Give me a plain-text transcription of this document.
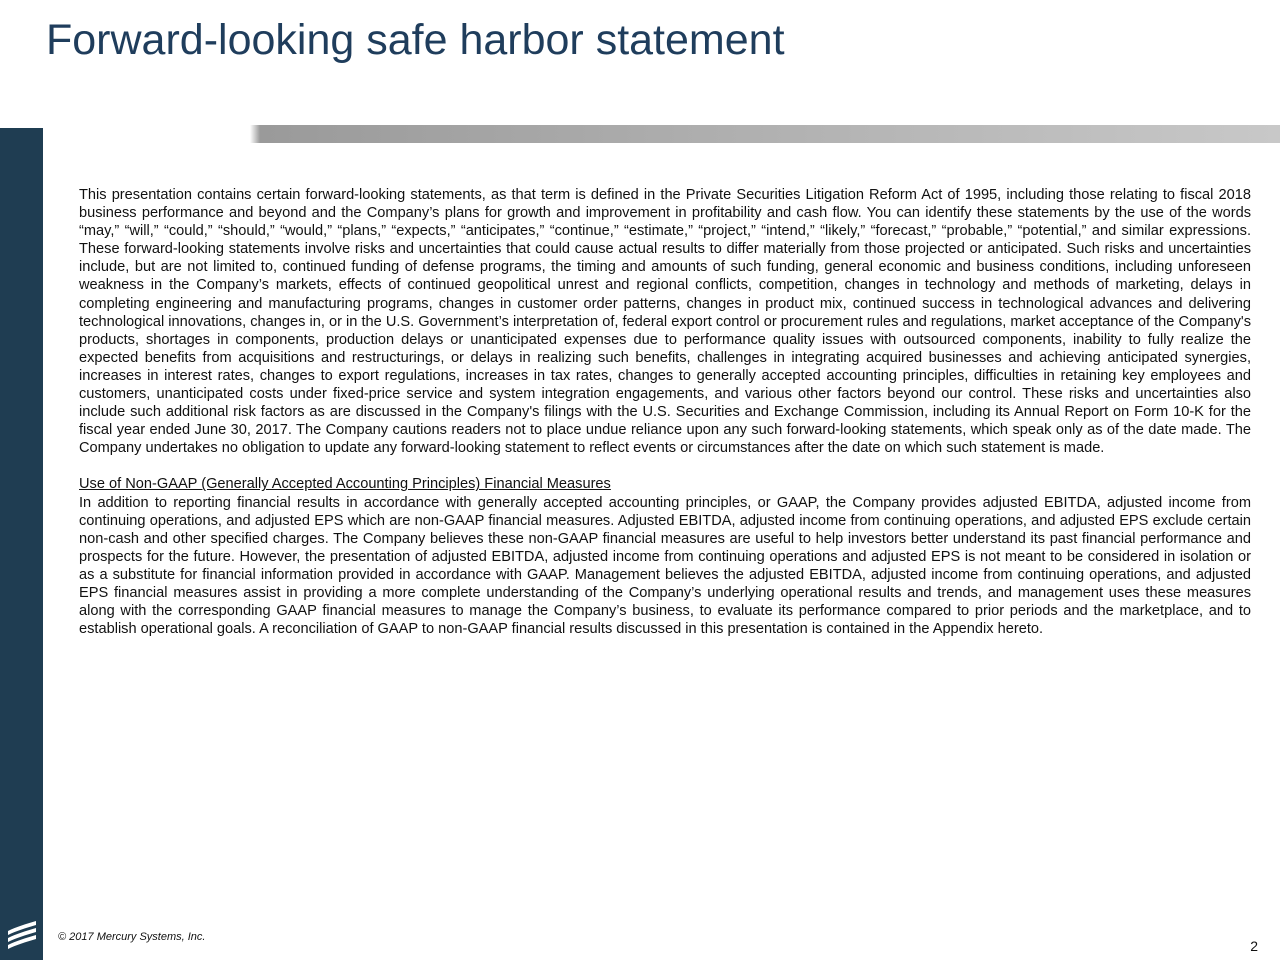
Forward-looking safe harbor statement

This presentation contains certain forward-looking statements, as that term is defined in the Private Securities Litigation Reform Act of 1995, including those relating to fiscal 2018 business performance and beyond and the Company’s plans for growth and improvement in profitability and cash flow. You can identify these statements by the use of the words “may,” “will,” “could,” “should,” “would,” “plans,” “expects,” “anticipates,” “continue,” “estimate,” “project,” “intend,” “likely,” “forecast,” “probable,” “potential,” and similar expressions. These forward-looking statements involve risks and uncertainties that could cause actual results to differ materially from those projected or anticipated. Such risks and uncertainties include, but are not limited to, continued funding of defense programs, the timing and amounts of such funding, general economic and business conditions, including unforeseen weakness in the Company’s markets, effects of continued geopolitical unrest and regional conflicts, competition, changes in technology and methods of marketing, delays in completing engineering and manufacturing programs, changes in customer order patterns, changes in product mix, continued success in technological advances and delivering technological innovations, changes in, or in the U.S. Government’s interpretation of, federal export control or procurement rules and regulations, market acceptance of the Company's products, shortages in components, production delays or unanticipated expenses due to performance quality issues with outsourced components, inability to fully realize the expected benefits from acquisitions and restructurings, or delays in realizing such benefits, challenges in integrating acquired businesses and achieving anticipated synergies, increases in interest rates, changes to export regulations, increases in tax rates, changes to generally accepted accounting principles, difficulties in retaining key employees and customers, unanticipated costs under fixed-price service and system integration engagements, and various other factors beyond our control. These risks and uncertainties also include such additional risk factors as are discussed in the Company's filings with the U.S. Securities and Exchange Commission, including its Annual Report on Form 10-K for the fiscal year ended June 30, 2017. The Company cautions readers not to place undue reliance upon any such forward-looking statements, which speak only as of the date made. The Company undertakes no obligation to update any forward-looking statement to reflect events or circumstances after the date on which such statement is made.

Use of Non-GAAP (Generally Accepted Accounting Principles) Financial Measures
In addition to reporting financial results in accordance with generally accepted accounting principles, or GAAP, the Company provides adjusted EBITDA, adjusted income from continuing operations, and adjusted EPS which are non-GAAP financial measures. Adjusted EBITDA, adjusted income from continuing operations, and adjusted EPS exclude certain non-cash and other specified charges. The Company believes these non-GAAP financial measures are useful to help investors better understand its past financial performance and prospects for the future. However, the presentation of adjusted EBITDA, adjusted income from continuing operations and adjusted EPS is not meant to be considered in isolation or as a substitute for financial information provided in accordance with GAAP. Management believes the adjusted EBITDA, adjusted income from continuing operations, and adjusted EPS financial measures assist in providing a more complete understanding of the Company’s underlying operational results and trends, and management uses these measures along with the corresponding GAAP financial measures to manage the Company’s business, to evaluate its performance compared to prior periods and the marketplace, and to establish operational goals. A reconciliation of GAAP to non-GAAP financial results discussed in this presentation is contained in the Appendix hereto.

© 2017 Mercury Systems, Inc.
2
